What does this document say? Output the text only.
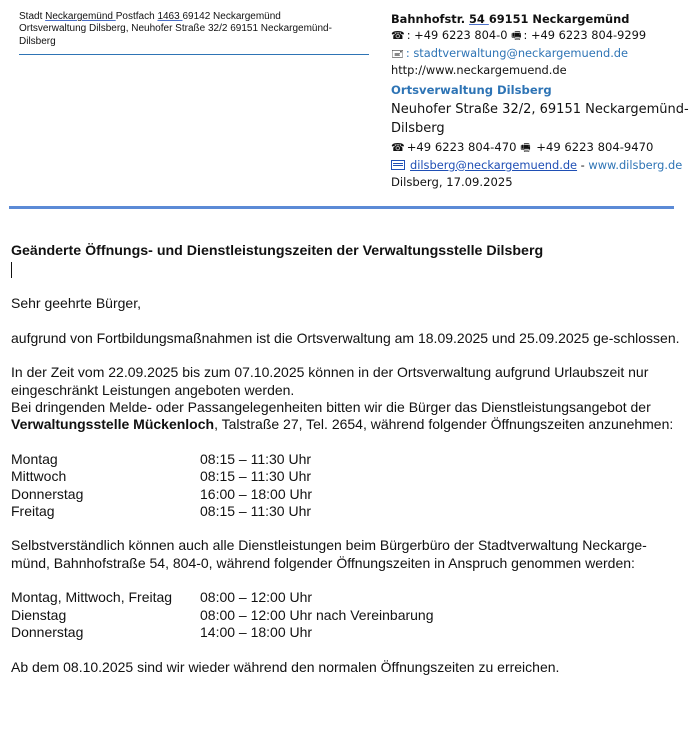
Stadt Neckargemünd Postfach 1463 69142 Neckargemünd
Ortsverwaltung Dilsberg, Neuhofer Straße 32/2 69151 Neckargemünd-
Dilsberg
Bahnhofstr. 54 69151 Neckargemünd
☎ : +49 6223 804-0 🖷 : +49 6223 804-9299
🖃 : stadtverwaltung@neckargemuend.de
http://www.neckargemuend.de
Ortsverwaltung Dilsberg
Neuhofer Straße 32/2, 69151 Neckargemünd-Dilsberg
☎ +49 6223 804-470 🖷 +49 6223 804-9470
dilsberg@neckargemuend.de - www.dilsberg.de
Dilsberg, 17.09.2025

Geänderte Öffnungs- und Dienstleistungszeiten der Verwaltungsstelle Dilsberg

Sehr geehrte Bürger,

aufgrund von Fortbildungsmaßnahmen ist die Ortsverwaltung am 18.09.2025 und 25.09.2025 ge-schlossen.

In der Zeit vom 22.09.2025 bis zum 07.10.2025 können in der Ortsverwaltung aufgrund Urlaubszeit nur eingeschränkt Leistungen angeboten werden.

Bei dringenden Melde- oder Passangelegenheiten bitten wir die Bürger das Dienstleistungsangebot der Verwaltungsstelle Mückenloch, Talstraße 27, Tel. 2654, während folgender Öffnungszeiten anzunehmen:

Montag	08:15 – 11:30 Uhr
Mittwoch	08:15 – 11:30 Uhr
Donnerstag	16:00 – 18:00 Uhr
Freitag	08:15 – 11:30 Uhr

Selbstverständlich können auch alle Dienstleistungen beim Bürgerbüro der Stadtverwaltung Neckarge-münd, Bahnhofstraße 54, 804-0, während folgender Öffnungszeiten in Anspruch genommen werden:

Montag, Mittwoch, Freitag	08:00 – 12:00 Uhr
Dienstag	08:00 – 12:00 Uhr nach Vereinbarung
Donnerstag	14:00 – 18:00 Uhr

Ab dem 08.10.2025 sind wir wieder während den normalen Öffnungszeiten zu erreichen.
